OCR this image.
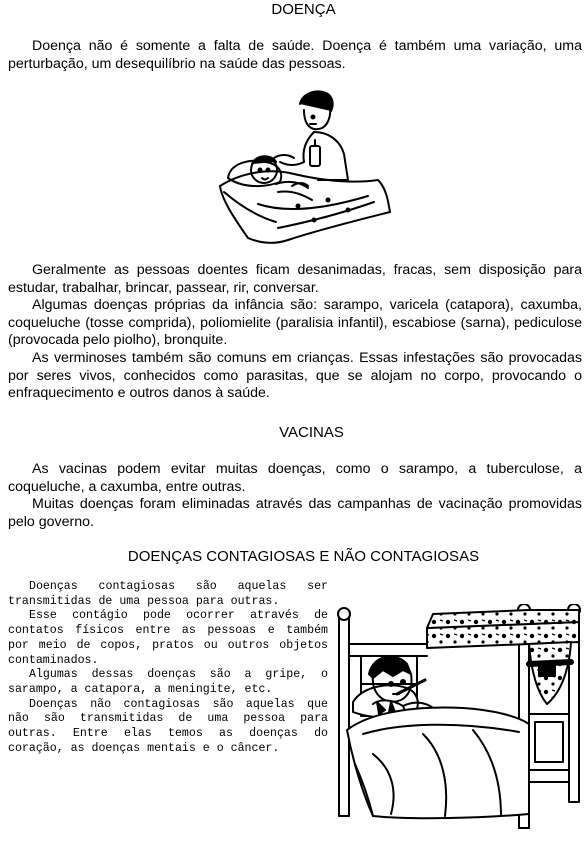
DOENÇA

Doença não é somente a falta de saúde. Doença é também uma variação, uma perturbação, um desequilíbrio na saúde das pessoas.

Geralmente as pessoas doentes ficam desanimadas, fracas, sem disposição para estudar, trabalhar, brincar, passear, rir, conversar.

Algumas doenças próprias da infância são: sarampo, varicela (catapora), caxumba, coqueluche (tosse comprida), poliomielite (paralisia infantil), escabiose (sarna), pediculose (provocada pelo piolho), bronquite.

As verminoses também são comuns em crianças. Essas infestações são provocadas por seres vivos, conhecidos como parasitas, que se alojam no corpo, provocando o enfraquecimento e outros danos à saúde.

VACINAS

As vacinas podem evitar muitas doenças, como o sarampo, a tuberculose, a coqueluche, a caxumba, entre outras.

Muitas doenças foram eliminadas através das campanhas de vacinação promovidas pelo governo.

DOENÇAS CONTAGIOSAS E NÃO CONTAGIOSAS

Doenças contagiosas são aquelas ser transmitidas de uma pessoa para outras.

Esse contágio pode ocorrer através de contatos físicos entre as pessoas e também por meio de copos, pratos ou outros objetos contaminados.

Algumas dessas doenças são a gripe, o sarampo, a catapora, a meningite, etc.

Doenças não contagiosas são aquelas que não são transmitidas de uma pessoa para outras. Entre elas temos as doenças do coração, as doenças mentais e o câncer.
